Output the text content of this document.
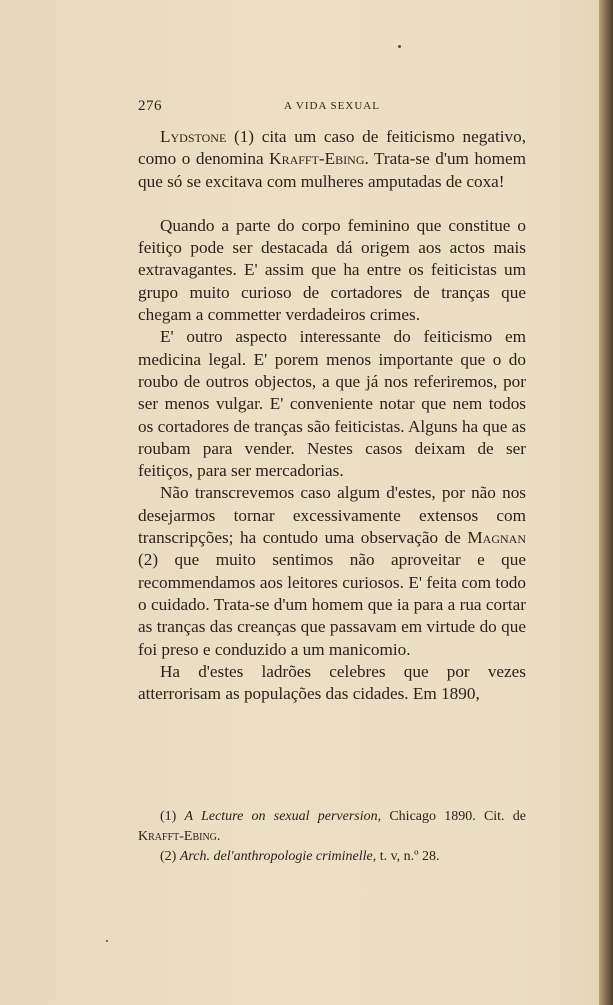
276	A VIDA SEXUAL

Lydstone (1) cita um caso de feiticismo negativo, como o denomina Krafft-Ebing. Trata-se d'um homem que só se excitava com mulheres amputadas de coxa!

Quando a parte do corpo feminino que constitue o feitiço pode ser destacada dá origem aos actos mais extravagantes. E' assim que ha entre os feiticistas um grupo muito curioso de cortadores de tranças que chegam a commetter verdadeiros crimes.

E' outro aspecto interessante do feiticismo em medicina legal. E' porem menos importante que o do roubo de outros objectos, a que já nos referiremos, por ser menos vulgar. E' conveniente notar que nem todos os cortadores de tranças são feiticistas. Alguns ha que as roubam para vender. Nestes casos deixam de ser feitiços, para ser mercadorias.

Não transcrevemos caso algum d'estes, por não nos desejarmos tornar excessivamente extensos com transcripções; ha contudo uma observação de Magnan (2) que muito sentimos não aproveitar e que recommendamos aos leitores curiosos. E' feita com todo o cuidado. Trata-se d'um homem que ia para a rua cortar as tranças das creanças que passavam em virtude do que foi preso e conduzido a um manicomio.

Ha d'estes ladrões celebres que por vezes atterrorisam as populações das cidades. Em 1890,

(1) A Lecture on sexual perversion, Chicago 1890. Cit. de Krafft-Ebing.

(2) Arch. del'anthropologie criminelle, t. v, n.º 28.
